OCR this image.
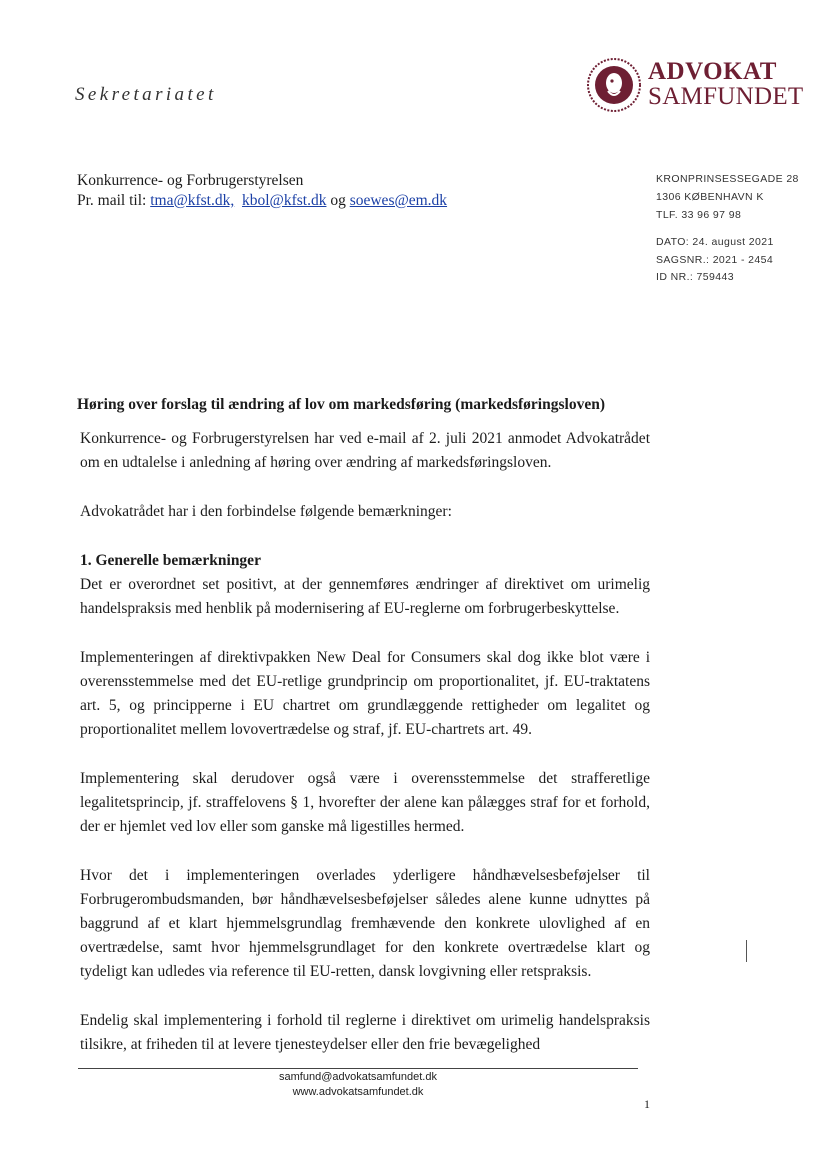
Sekretariatet
ADVOKAT
SAMFUNDET
Konkurrence- og Forbrugerstyrelsen
Pr. mail til: tma@kfst.dk, kbol@kfst.dk og soewes@em.dk
KRONPRINSESSEGADE 28
1306 KØBENHAVN K
TLF. 33 96 97 98
DATO: 24. august 2021
SAGSNR.: 2021 - 2454
ID NR.: 759443
Høring over forslag til ændring af lov om markedsføring (markedsføringsloven)

Konkurrence- og Forbrugerstyrelsen har ved e-mail af 2. juli 2021 anmodet Advokatrådet om en udtalelse i anledning af høring over ændring af markedsføringsloven.

Advokatrådet har i den forbindelse følgende bemærkninger:

1. Generelle bemærkninger

Det er overordnet set positivt, at der gennemføres ændringer af direktivet om urimelig handelspraksis med henblik på modernisering af EU-reglerne om forbrugerbeskyttelse.

Implementeringen af direktivpakken New Deal for Consumers skal dog ikke blot være i overensstemmelse med det EU-retlige grundprincip om proportionalitet, jf. EU-traktatens art. 5, og principperne i EU chartret om grundlæggende rettigheder om legalitet og proportionalitet mellem lovovertrædelse og straf, jf. EU-chartrets art. 49.

Implementering skal derudover også være i overensstemmelse det strafferetlige legalitetsprincip, jf. straffelovens § 1, hvorefter der alene kan pålægges straf for et forhold, der er hjemlet ved lov eller som ganske må ligestilles hermed.

Hvor det i implementeringen overlades yderligere håndhævelsesbeføjelser til Forbrugerombudsmanden, bør håndhævelsesbeføjelser således alene kunne udnyttes på baggrund af et klart hjemmelsgrundlag fremhævende den konkrete ulovlighed af en overtrædelse, samt hvor hjemmelsgrundlaget for den konkrete overtrædelse klart og tydeligt kan udledes via reference til EU-retten, dansk lovgivning eller retspraksis.

Endelig skal implementering i forhold til reglerne i direktivet om urimelig handelspraksis tilsikre, at friheden til at levere tjenesteydelser eller den frie bevægelighed

samfund@advokatsamfundet.dk
www.advokatsamfundet.dk
1
